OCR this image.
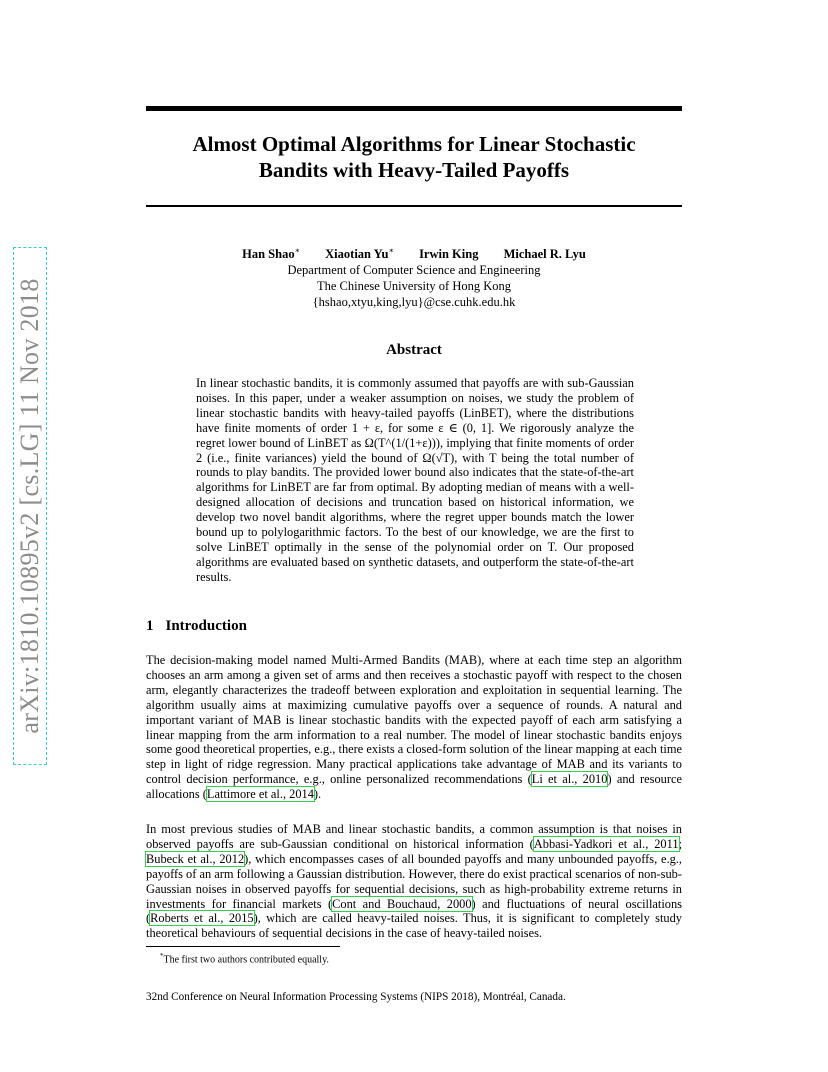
arXiv:1810.10895v2 [cs.LG] 11 Nov 2018
Almost Optimal Algorithms for Linear Stochastic
Bandits with Heavy-Tailed Payoffs
Han Shao∗ Xiaotian Yu∗ Irwin King Michael R. Lyu
Department of Computer Science and Engineering
The Chinese University of Hong Kong
{hshao,xtyu,king,lyu}@cse.cuhk.edu.hk
Abstract
In linear stochastic bandits, it is commonly assumed that payoffs are with sub-Gaussian noises. In this paper, under a weaker assumption on noises, we study the problem of linear stochastic bandits with heavy-tailed payoffs (LinBET), where the distributions have finite moments of order 1 + ε, for some ε ∈ (0, 1]. We rigorously analyze the regret lower bound of LinBET as Ω(T^(1/(1+ε))), implying that finite moments of order 2 (i.e., finite variances) yield the bound of Ω(√T), with T being the total number of rounds to play bandits. The provided lower bound also indicates that the state-of-the-art algorithms for LinBET are far from optimal. By adopting median of means with a well-designed allocation of decisions and truncation based on historical information, we develop two novel bandit algorithms, where the regret upper bounds match the lower bound up to polylogarithmic factors. To the best of our knowledge, we are the first to solve LinBET optimally in the sense of the polynomial order on T. Our proposed algorithms are evaluated based on synthetic datasets, and outperform the state-of-the-art results.
1 Introduction
The decision-making model named Multi-Armed Bandits (MAB), where at each time step an algorithm chooses an arm among a given set of arms and then receives a stochastic payoff with respect to the chosen arm, elegantly characterizes the tradeoff between exploration and exploitation in sequential learning. The algorithm usually aims at maximizing cumulative payoffs over a sequence of rounds. A natural and important variant of MAB is linear stochastic bandits with the expected payoff of each arm satisfying a linear mapping from the arm information to a real number. The model of linear stochastic bandits enjoys some good theoretical properties, e.g., there exists a closed-form solution of the linear mapping at each time step in light of ridge regression. Many practical applications take advantage of MAB and its variants to control decision performance, e.g., online personalized recommendations (Li et al., 2010) and resource allocations (Lattimore et al., 2014).
In most previous studies of MAB and linear stochastic bandits, a common assumption is that noises in observed payoffs are sub-Gaussian conditional on historical information (Abbasi-Yadkori et al., 2011; Bubeck et al., 2012), which encompasses cases of all bounded payoffs and many unbounded payoffs, e.g., payoffs of an arm following a Gaussian distribution. However, there do exist practical scenarios of non-sub-Gaussian noises in observed payoffs for sequential decisions, such as high-probability extreme returns in investments for financial markets (Cont and Bouchaud, 2000) and fluctuations of neural oscillations (Roberts et al., 2015), which are called heavy-tailed noises. Thus, it is significant to completely study theoretical behaviours of sequential decisions in the case of heavy-tailed noises.
*The first two authors contributed equally.
32nd Conference on Neural Information Processing Systems (NIPS 2018), Montréal, Canada.
